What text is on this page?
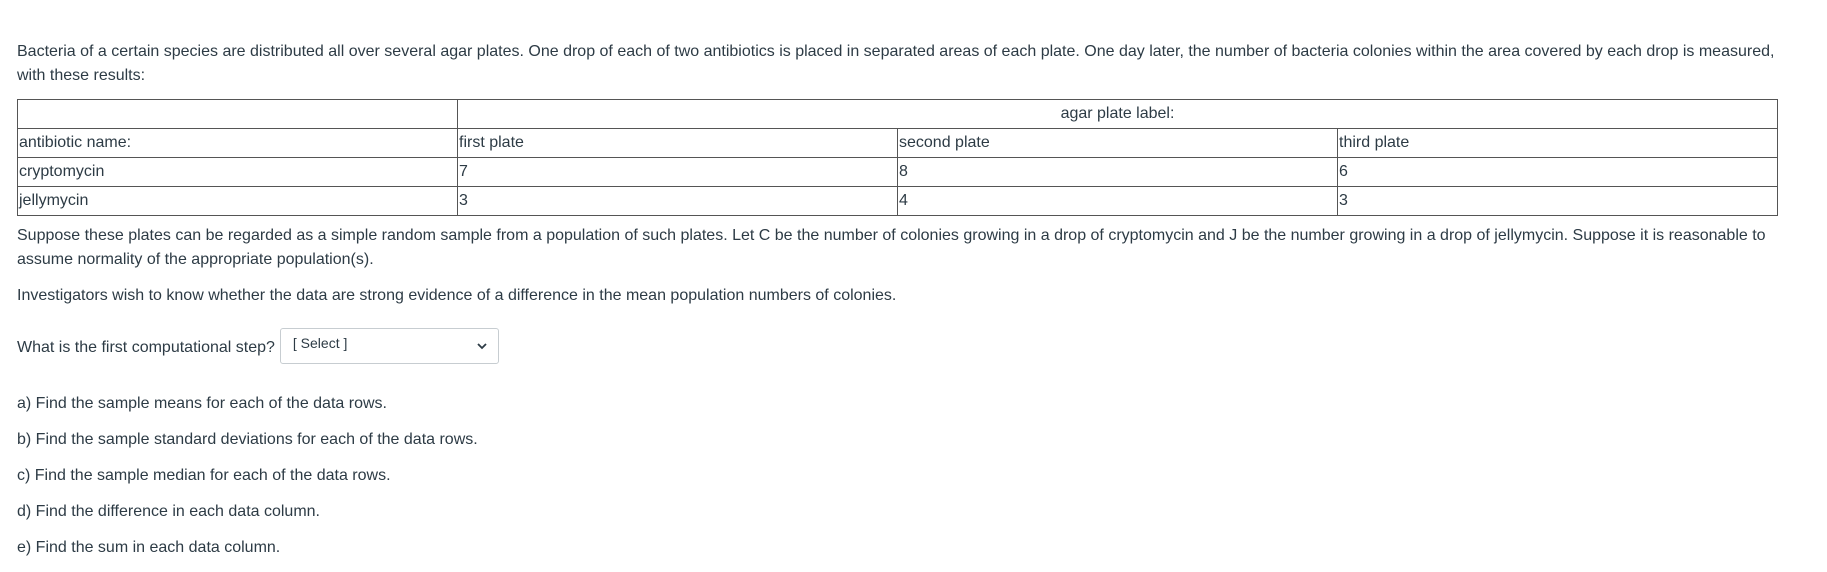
Bacteria of a certain species are distributed all over several agar plates. One drop of each of two antibiotics is placed in separated areas of each plate. One day later, the number of bacteria colonies within the area covered by each drop is measured, with these results:

	agar plate label:		
antibiotic name:	first plate	second plate	third plate
cryptomycin	7	8	6
jellymycin	3	4	3

Suppose these plates can be regarded as a simple random sample from a population of such plates. Let C be the number of colonies growing in a drop of cryptomycin and J be the number growing in a drop of jellymycin. Suppose it is reasonable to assume normality of the appropriate population(s).

Investigators wish to know whether the data are strong evidence of a difference in the mean population numbers of colonies.

What is the first computational step? [ Select ]

a) Find the sample means for each of the data rows.

b) Find the sample standard deviations for each of the data rows.

c) Find the sample median for each of the data rows.

d) Find the difference in each data column.

e) Find the sum in each data column.
